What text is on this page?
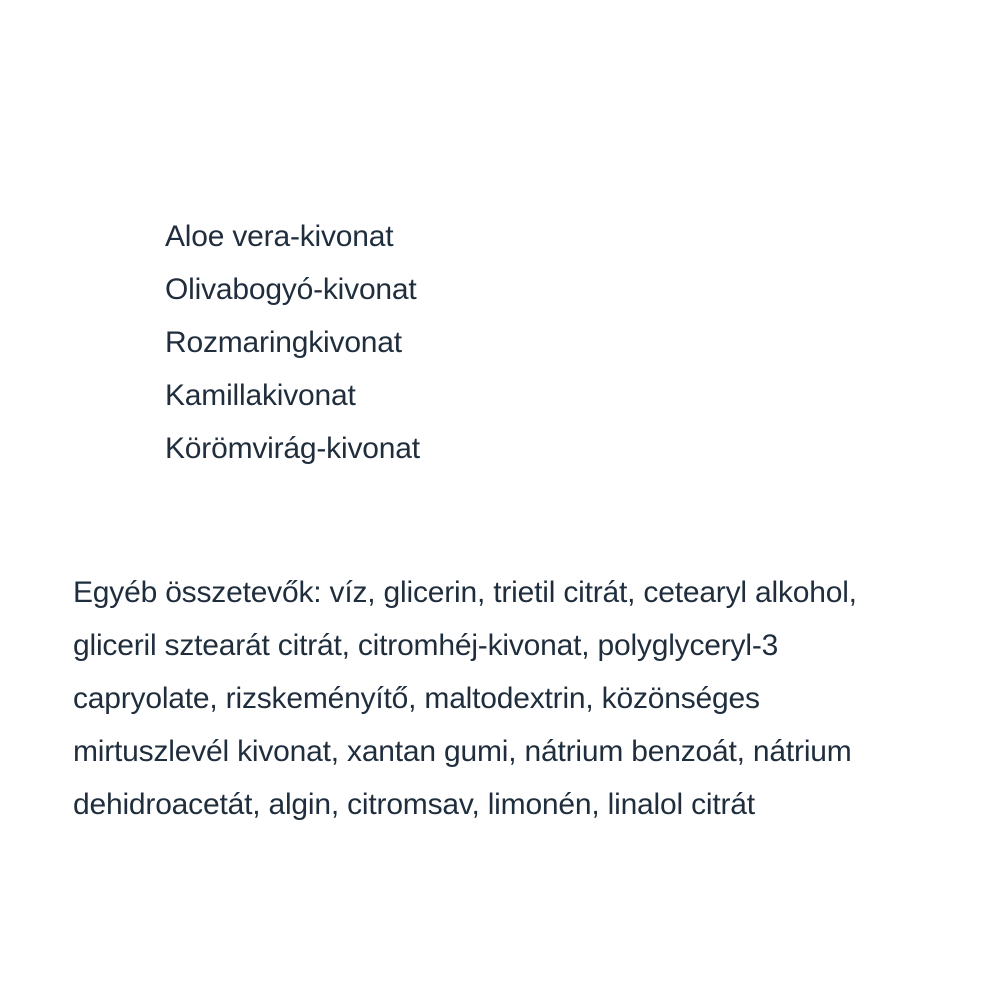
Aloe vera-kivonat
Olivabogyó-kivonat
Rozmaringkivonat
Kamillakivonat
Körömvirág-kivonat

Egyéb összetevők: víz, glicerin, trietil citrát, cetearyl alkohol,
gliceril sztearát citrát, citromhéj-kivonat, polyglyceryl-3
capryolate, rizskeményítő, maltodextrin, közönséges
mirtuszlevél kivonat, xantan gumi, nátrium benzoát, nátrium
dehidroacetát, algin, citromsav, limonén, linalol citrát
